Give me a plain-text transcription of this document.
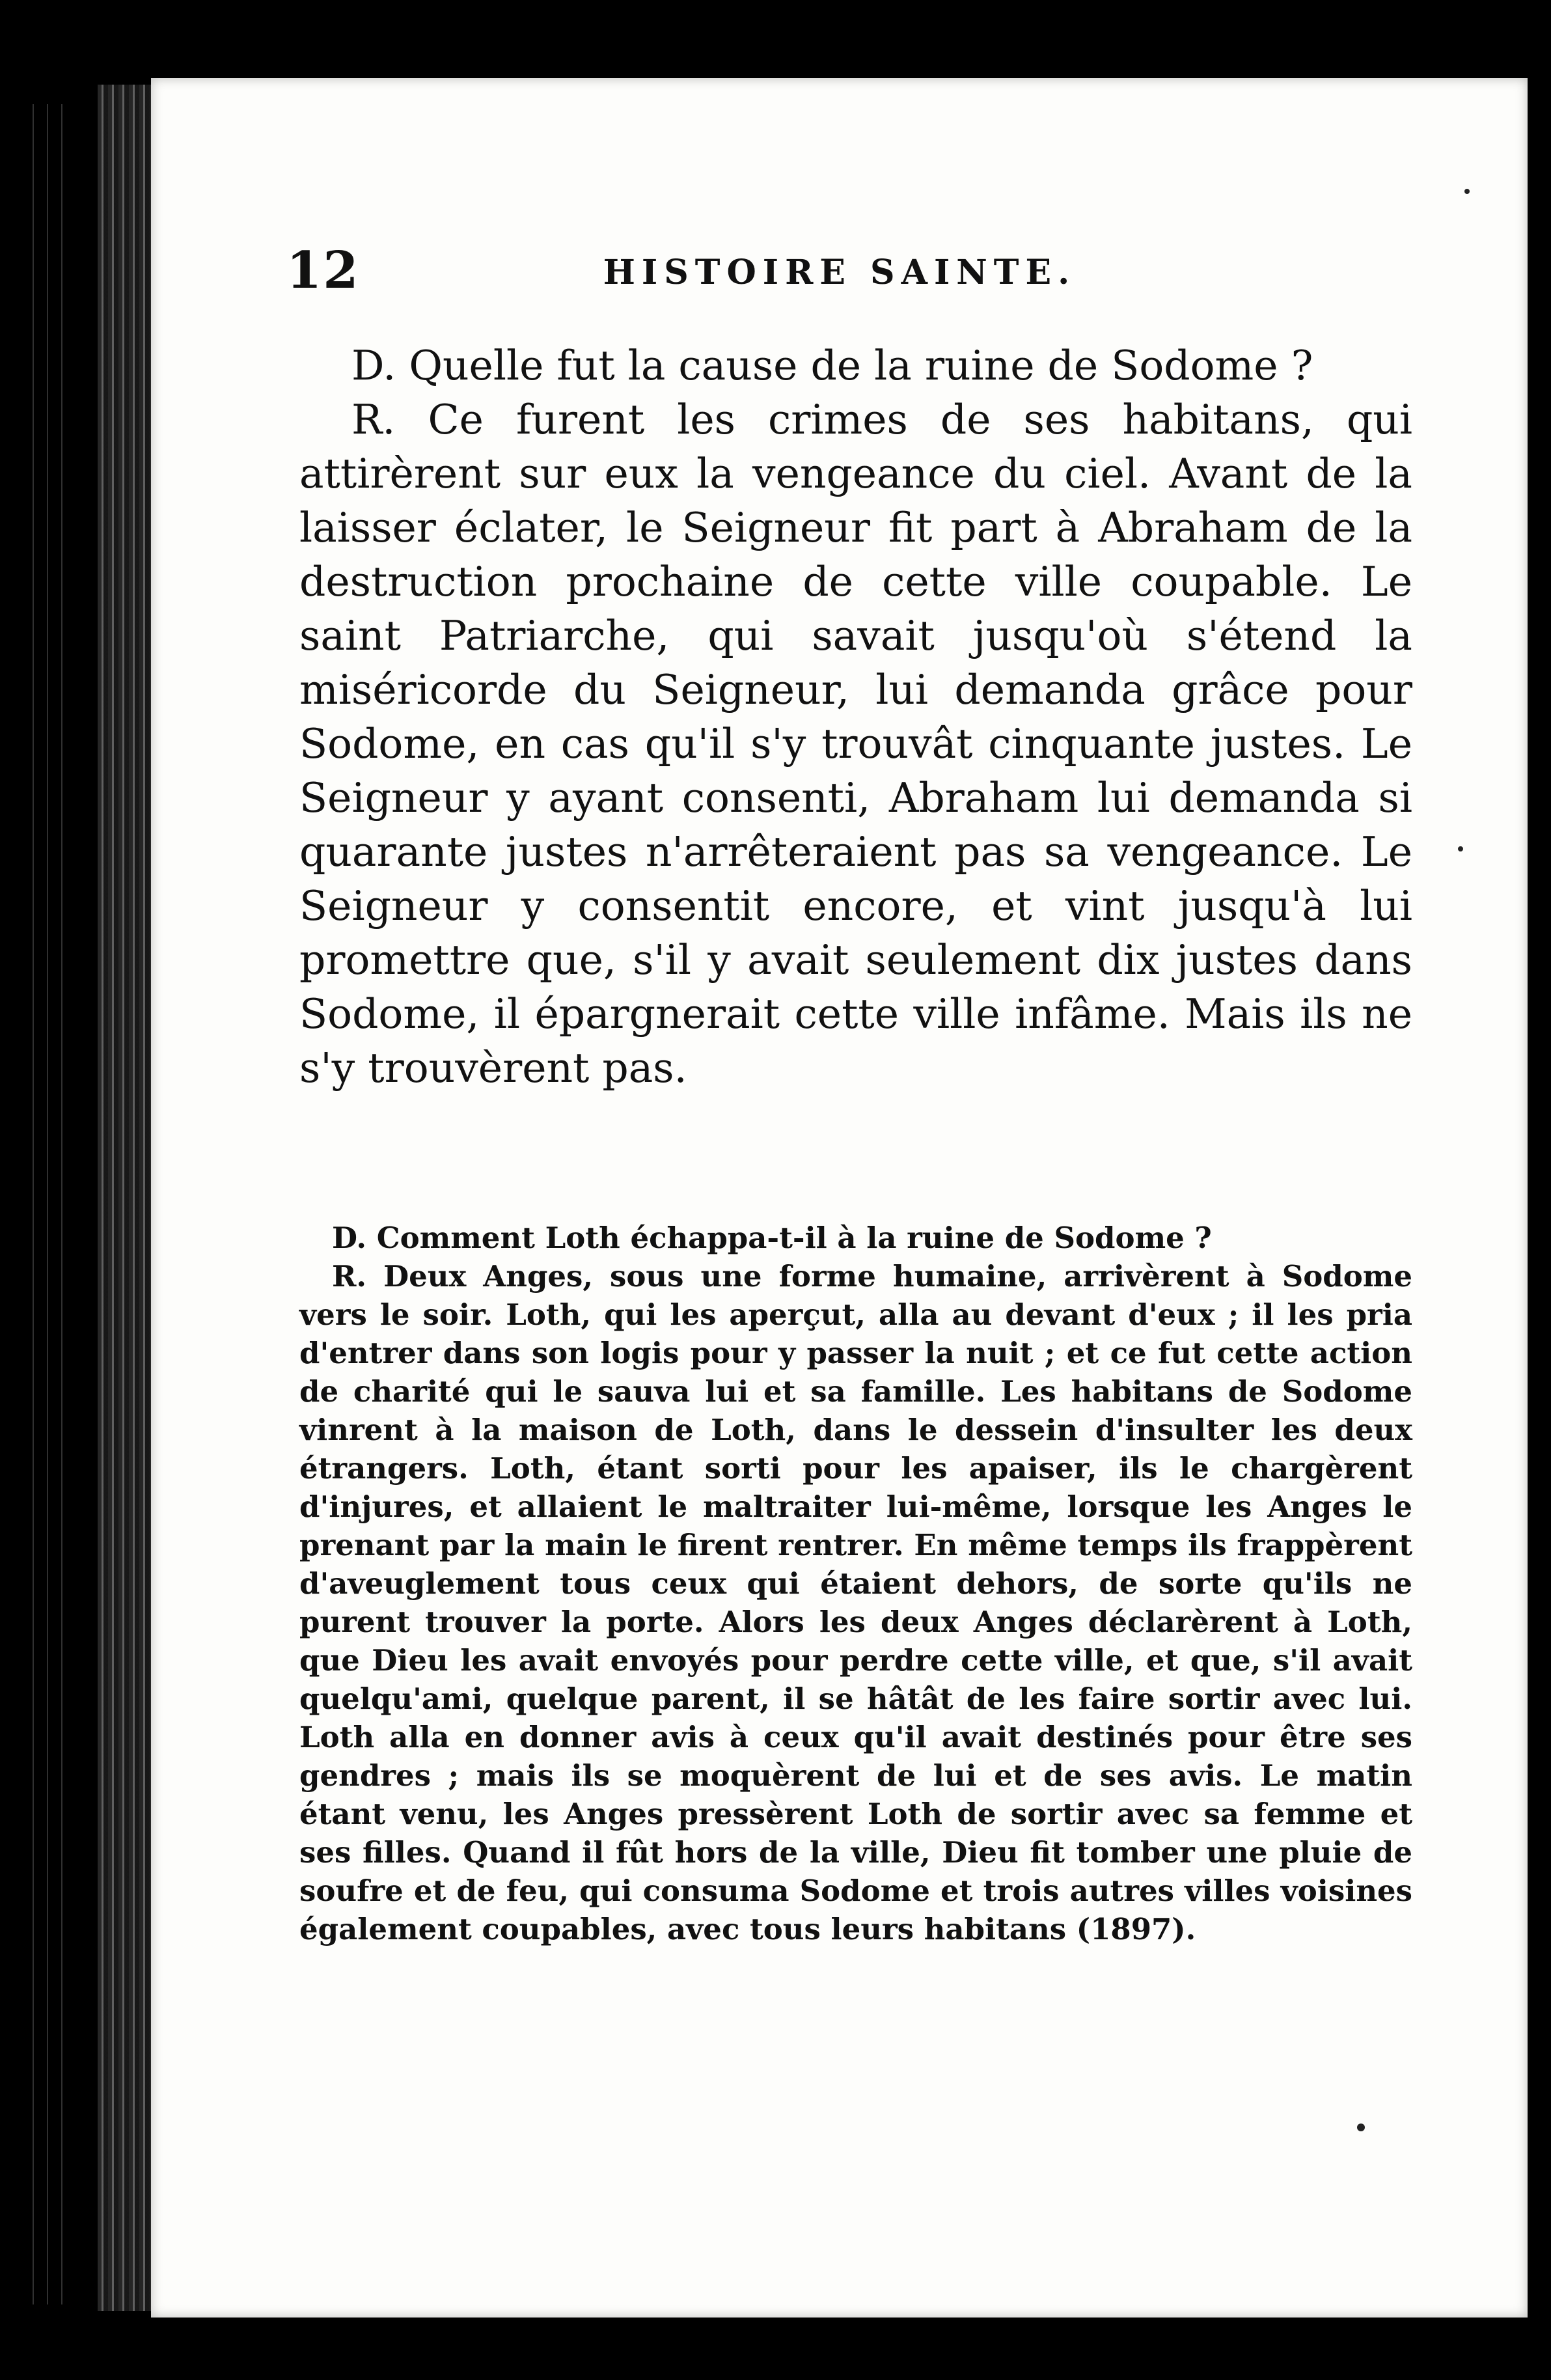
12	HISTOIRE SAINTE.

D. Quelle fut la cause de la ruine de Sodome ?

R. Ce furent les crimes de ses habitans, qui attirèrent sur eux la vengeance du ciel. Avant de la laisser éclater, le Seigneur fit part à Abraham de la destruction prochaine de cette ville coupable. Le saint Patriarche, qui savait jusqu'où s'étend la miséricorde du Seigneur, lui demanda grâce pour Sodome, en cas qu'il s'y trouvât cinquante justes. Le Seigneur y ayant consenti, Abraham lui demanda si quarante justes n'arrêteraient pas sa vengeance. Le Seigneur y consentit encore, et vint jusqu'à lui promettre que, s'il y avait seulement dix justes dans Sodome, il épargnerait cette ville infâme. Mais ils ne s'y trouvèrent pas.

D. Comment Loth échappa-t-il à la ruine de Sodome ?

R. Deux Anges, sous une forme humaine, arrivèrent à Sodome vers le soir. Loth, qui les aperçut, alla au devant d'eux ; il les pria d'entrer dans son logis pour y passer la nuit ; et ce fut cette action de charité qui le sauva lui et sa famille. Les habitans de Sodome vinrent à la maison de Loth, dans le dessein d'insulter les deux étrangers. Loth, étant sorti pour les apaiser, ils le chargèrent d'injures, et allaient le maltraiter lui-même, lorsque les Anges le prenant par la main le firent rentrer. En même temps ils frappèrent d'aveuglement tous ceux qui étaient dehors, de sorte qu'ils ne purent trouver la porte. Alors les deux Anges déclarèrent à Loth, que Dieu les avait envoyés pour perdre cette ville, et que, s'il avait quelqu'ami, quelque parent, il se hâtât de les faire sortir avec lui. Loth alla en donner avis à ceux qu'il avait destinés pour être ses gendres ; mais ils se moquèrent de lui et de ses avis. Le matin étant venu, les Anges pressèrent Loth de sortir avec sa femme et ses filles. Quand il fût hors de la ville, Dieu fit tomber une pluie de soufre et de feu, qui consuma Sodome et trois autres villes voisines également coupables, avec tous leurs habitans (1897).
